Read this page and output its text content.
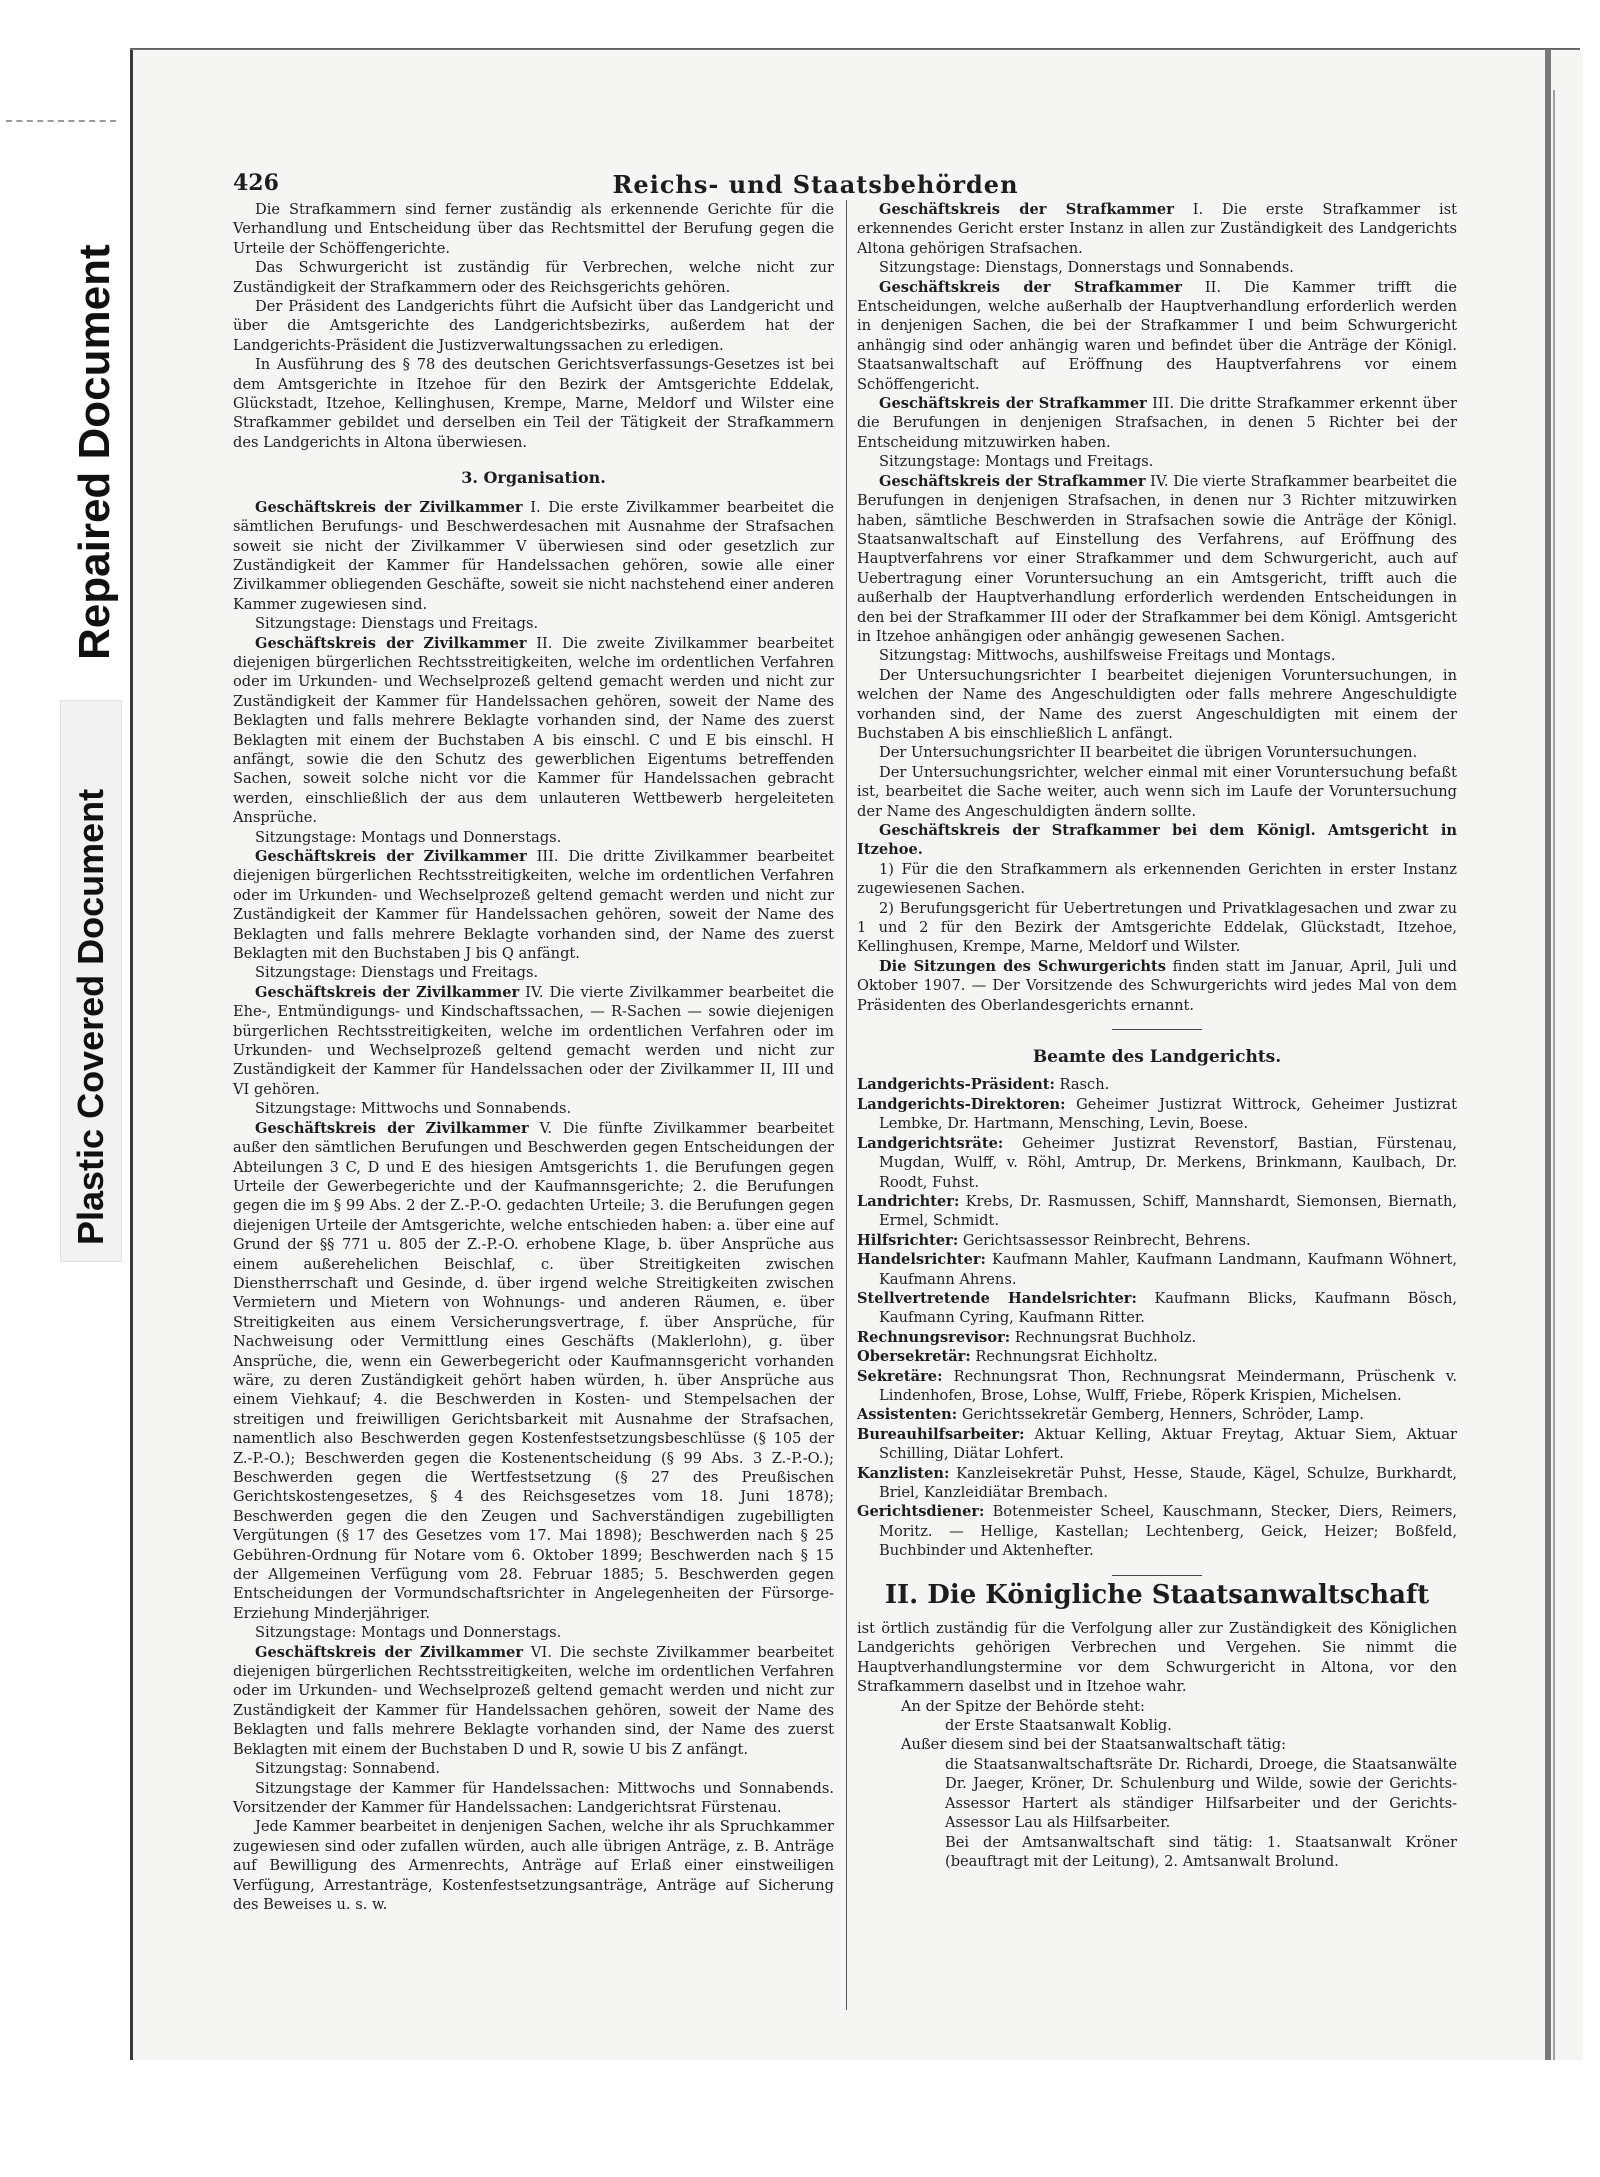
Repaired Document
Plastic Covered Document
426	Reichs- und Staatsbehörden

Die Strafkammern sind ferner zuständig als erkennende Gerichte für die Verhandlung und Entscheidung über das Rechtsmittel der Berufung gegen die Urteile der Schöffengerichte.

Das Schwurgericht ist zuständig für Verbrechen, welche nicht zur Zuständigkeit der Strafkammern oder des Reichsgerichts gehören.

Der Präsident des Landgerichts führt die Aufsicht über das Landgericht und über die Amtsgerichte des Landgerichtsbezirks, außerdem hat der Landgerichts-Präsident die Justizverwaltungssachen zu erledigen.

In Ausführung des § 78 des deutschen Gerichtsverfassungs-Gesetzes ist bei dem Amtsgerichte in Itzehoe für den Bezirk der Amtsgerichte Eddelak, Glückstadt, Itzehoe, Kellinghusen, Krempe, Marne, Meldorf und Wilster eine Strafkammer gebildet und derselben ein Teil der Tätigkeit der Strafkammern des Landgerichts in Altona überwiesen.

3. Organisation.

Geschäftskreis der Zivilkammer I. Die erste Zivilkammer bearbeitet die sämtlichen Berufungs- und Beschwerdesachen mit Ausnahme der Strafsachen soweit sie nicht der Zivilkammer V überwiesen sind oder gesetzlich zur Zuständigkeit der Kammer für Handelssachen gehören, sowie alle einer Zivilkammer obliegenden Geschäfte, soweit sie nicht nachstehend einer anderen Kammer zugewiesen sind.

Sitzungstage: Dienstags und Freitags.

Geschäftskreis der Zivilkammer II. Die zweite Zivilkammer bearbeitet diejenigen bürgerlichen Rechtsstreitigkeiten, welche im ordentlichen Verfahren oder im Urkunden- und Wechselprozeß geltend gemacht werden und nicht zur Zuständigkeit der Kammer für Handelssachen gehören, soweit der Name des Beklagten und falls mehrere Beklagte vorhanden sind, der Name des zuerst Beklagten mit einem der Buchstaben A bis einschl. C und E bis einschl. H anfängt, sowie die den Schutz des gewerblichen Eigentums betreffenden Sachen, soweit solche nicht vor die Kammer für Handelssachen gebracht werden, einschließlich der aus dem unlauteren Wettbewerb hergeleiteten Ansprüche.

Sitzungstage: Montags und Donnerstags.

Geschäftskreis der Zivilkammer III. Die dritte Zivilkammer bearbeitet diejenigen bürgerlichen Rechtsstreitigkeiten, welche im ordentlichen Verfahren oder im Urkunden- und Wechselprozeß geltend gemacht werden und nicht zur Zuständigkeit der Kammer für Handelssachen gehören, soweit der Name des Beklagten und falls mehrere Beklagte vorhanden sind, der Name des zuerst Beklagten mit den Buchstaben J bis Q anfängt.

Sitzungstage: Dienstags und Freitags.

Geschäftskreis der Zivilkammer IV. Die vierte Zivilkammer bearbeitet die Ehe-, Entmündigungs- und Kindschaftssachen, — R-Sachen — sowie diejenigen bürgerlichen Rechtsstreitigkeiten, welche im ordentlichen Verfahren oder im Urkunden- und Wechselprozeß geltend gemacht werden und nicht zur Zuständigkeit der Kammer für Handelssachen oder der Zivilkammer II, III und VI gehören.

Sitzungstage: Mittwochs und Sonnabends.

Geschäftskreis der Zivilkammer V. Die fünfte Zivilkammer bearbeitet außer den sämtlichen Berufungen und Beschwerden gegen Entscheidungen der Abteilungen 3 C, D und E des hiesigen Amtsgerichts 1. die Berufungen gegen Urteile der Gewerbegerichte und der Kaufmannsgerichte; 2. die Berufungen gegen die im § 99 Abs. 2 der Z.-P.-O. gedachten Urteile; 3. die Berufungen gegen diejenigen Urteile der Amtsgerichte, welche entschieden haben: a. über eine auf Grund der §§ 771 u. 805 der Z.-P.-O. erhobene Klage, b. über Ansprüche aus einem außerehelichen Beischlaf, c. über Streitigkeiten zwischen Dienstherrschaft und Gesinde, d. über irgend welche Streitigkeiten zwischen Vermietern und Mietern von Wohnungs- und anderen Räumen, e. über Streitigkeiten aus einem Versicherungsvertrage, f. über Ansprüche, für Nachweisung oder Vermittlung eines Geschäfts (Maklerlohn), g. über Ansprüche, die, wenn ein Gewerbegericht oder Kaufmannsgericht vorhanden wäre, zu deren Zuständigkeit gehört haben würden, h. über Ansprüche aus einem Viehkauf; 4. die Beschwerden in Kosten- und Stempelsachen der streitigen und freiwilligen Gerichtsbarkeit mit Ausnahme der Strafsachen, namentlich also Beschwerden gegen Kostenfestsetzungsbeschlüsse (§ 105 der Z.-P.-O.); Beschwerden gegen die Kostenentscheidung (§ 99 Abs. 3 Z.-P.-O.); Beschwerden gegen die Wertfestsetzung (§ 27 des Preußischen Gerichtskostengesetzes, § 4 des Reichsgesetzes vom 18. Juni 1878); Beschwerden gegen die den Zeugen und Sachverständigen zugebilligten Vergütungen (§ 17 des Gesetzes vom 17. Mai 1898); Beschwerden nach § 25 Gebühren-Ordnung für Notare vom 6. Oktober 1899; Beschwerden nach § 15 der Allgemeinen Verfügung vom 28. Februar 1885; 5. Beschwerden gegen Entscheidungen der Vormundschaftsrichter in Angelegenheiten der Fürsorge-Erziehung Minderjähriger.

Sitzungstage: Montags und Donnerstags.

Geschäftskreis der Zivilkammer VI. Die sechste Zivilkammer bearbeitet diejenigen bürgerlichen Rechtsstreitigkeiten, welche im ordentlichen Verfahren oder im Urkunden- und Wechselprozeß geltend gemacht werden und nicht zur Zuständigkeit der Kammer für Handelssachen gehören, soweit der Name des Beklagten und falls mehrere Beklagte vorhanden sind, der Name des zuerst Beklagten mit einem der Buchstaben D und R, sowie U bis Z anfängt.

Sitzungstag: Sonnabend.

Sitzungstage der Kammer für Handelssachen: Mittwochs und Sonnabends. Vorsitzender der Kammer für Handelssachen: Landgerichtsrat Fürstenau.

Jede Kammer bearbeitet in denjenigen Sachen, welche ihr als Spruchkammer zugewiesen sind oder zufallen würden, auch alle übrigen Anträge, z. B. Anträge auf Bewilligung des Armenrechts, Anträge auf Erlaß einer einstweiligen Verfügung, Arrestanträge, Kostenfestsetzungsanträge, Anträge auf Sicherung des Beweises u. s. w.

Geschäftskreis der Strafkammer I. Die erste Strafkammer ist erkennendes Gericht erster Instanz in allen zur Zuständigkeit des Landgerichts Altona gehörigen Strafsachen.

Sitzungstage: Dienstags, Donnerstags und Sonnabends.

Geschäftskreis der Strafkammer II. Die Kammer trifft die Entscheidungen, welche außerhalb der Hauptverhandlung erforderlich werden in denjenigen Sachen, die bei der Strafkammer I und beim Schwurgericht anhängig sind oder anhängig waren und befindet über die Anträge der Königl. Staatsanwaltschaft auf Eröffnung des Hauptverfahrens vor einem Schöffengericht.

Geschäftskreis der Strafkammer III. Die dritte Strafkammer erkennt über die Berufungen in denjenigen Strafsachen, in denen 5 Richter bei der Entscheidung mitzuwirken haben.

Sitzungstage: Montags und Freitags.

Geschäftskreis der Strafkammer IV. Die vierte Strafkammer bearbeitet die Berufungen in denjenigen Strafsachen, in denen nur 3 Richter mitzuwirken haben, sämtliche Beschwerden in Strafsachen sowie die Anträge der Königl. Staatsanwaltschaft auf Einstellung des Verfahrens, auf Eröffnung des Hauptverfahrens vor einer Strafkammer und dem Schwurgericht, auch auf Uebertragung einer Voruntersuchung an ein Amtsgericht, trifft auch die außerhalb der Hauptverhandlung erforderlich werdenden Entscheidungen in den bei der Strafkammer III oder der Strafkammer bei dem Königl. Amtsgericht in Itzehoe anhängigen oder anhängig gewesenen Sachen.

Sitzungstag: Mittwochs, aushilfsweise Freitags und Montags.

Der Untersuchungsrichter I bearbeitet diejenigen Voruntersuchungen, in welchen der Name des Angeschuldigten oder falls mehrere Angeschuldigte vorhanden sind, der Name des zuerst Angeschuldigten mit einem der Buchstaben A bis einschließlich L anfängt.

Der Untersuchungsrichter II bearbeitet die übrigen Voruntersuchungen.

Der Untersuchungsrichter, welcher einmal mit einer Voruntersuchung befaßt ist, bearbeitet die Sache weiter, auch wenn sich im Laufe der Voruntersuchung der Name des Angeschuldigten ändern sollte.

Geschäftskreis der Strafkammer bei dem Königl. Amtsgericht in Itzehoe.

1) Für die den Strafkammern als erkennenden Gerichten in erster Instanz zugewiesenen Sachen.

2) Berufungsgericht für Uebertretungen und Privatklagesachen und zwar zu 1 und 2 für den Bezirk der Amtsgerichte Eddelak, Glückstadt, Itzehoe, Kellinghusen, Krempe, Marne, Meldorf und Wilster.

Die Sitzungen des Schwurgerichts finden statt im Januar, April, Juli und Oktober 1907. — Der Vorsitzende des Schwurgerichts wird jedes Mal von dem Präsidenten des Oberlandesgerichts ernannt.

Beamte des Landgerichts.

Landgerichts-Präsident: Rasch.

Landgerichts-Direktoren: Geheimer Justizrat Wittrock, Geheimer Justizrat Lembke, Dr. Hartmann, Mensching, Levin, Boese.

Landgerichtsräte: Geheimer Justizrat Revenstorf, Bastian, Fürstenau, Mugdan, Wulff, v. Röhl, Amtrup, Dr. Merkens, Brinkmann, Kaulbach, Dr. Roodt, Fuhst.

Landrichter: Krebs, Dr. Rasmussen, Schiff, Mannshardt, Siemonsen, Biernath, Ermel, Schmidt.

Hilfsrichter: Gerichtsassessor Reinbrecht, Behrens.

Handelsrichter: Kaufmann Mahler, Kaufmann Landmann, Kaufmann Wöhnert, Kaufmann Ahrens.

Stellvertretende Handelsrichter: Kaufmann Blicks, Kaufmann Bösch, Kaufmann Cyring, Kaufmann Ritter.

Rechnungsrevisor: Rechnungsrat Buchholz.

Obersekretär: Rechnungsrat Eichholtz.

Sekretäre: Rechnungsrat Thon, Rechnungsrat Meindermann, Prüschenk v. Lindenhofen, Brose, Lohse, Wulff, Friebe, Röperk Krispien, Michelsen.

Assistenten: Gerichtssekretär Gemberg, Henners, Schröder, Lamp.

Bureauhilfsarbeiter: Aktuar Kelling, Aktuar Freytag, Aktuar Siem, Aktuar Schilling, Diätar Lohfert.

Kanzlisten: Kanzleisekretär Puhst, Hesse, Staude, Kägel, Schulze, Burkhardt, Briel, Kanzleidiätar Brembach.

Gerichtsdiener: Botenmeister Scheel, Kauschmann, Stecker, Diers, Reimers, Moritz. — Hellige, Kastellan; Lechtenberg, Geick, Heizer; Boßfeld, Buchbinder und Aktenhefter.

II. Die Königliche Staatsanwaltschaft

ist örtlich zuständig für die Verfolgung aller zur Zuständigkeit des Königlichen Landgerichts gehörigen Verbrechen und Vergehen. Sie nimmt die Hauptverhandlungstermine vor dem Schwurgericht in Altona, vor den Strafkammern daselbst und in Itzehoe wahr.

An der Spitze der Behörde steht:

der Erste Staatsanwalt Koblig.

Außer diesem sind bei der Staatsanwaltschaft tätig:

die Staatsanwaltschaftsräte Dr. Richardi, Droege, die Staatsanwälte Dr. Jaeger, Kröner, Dr. Schulenburg und Wilde, sowie der Gerichts-Assessor Hartert als ständiger Hilfsarbeiter und der Gerichts-Assessor Lau als Hilfsarbeiter.

Bei der Amtsanwaltschaft sind tätig: 1. Staatsanwalt Kröner (beauftragt mit der Leitung), 2. Amtsanwalt Brolund.
